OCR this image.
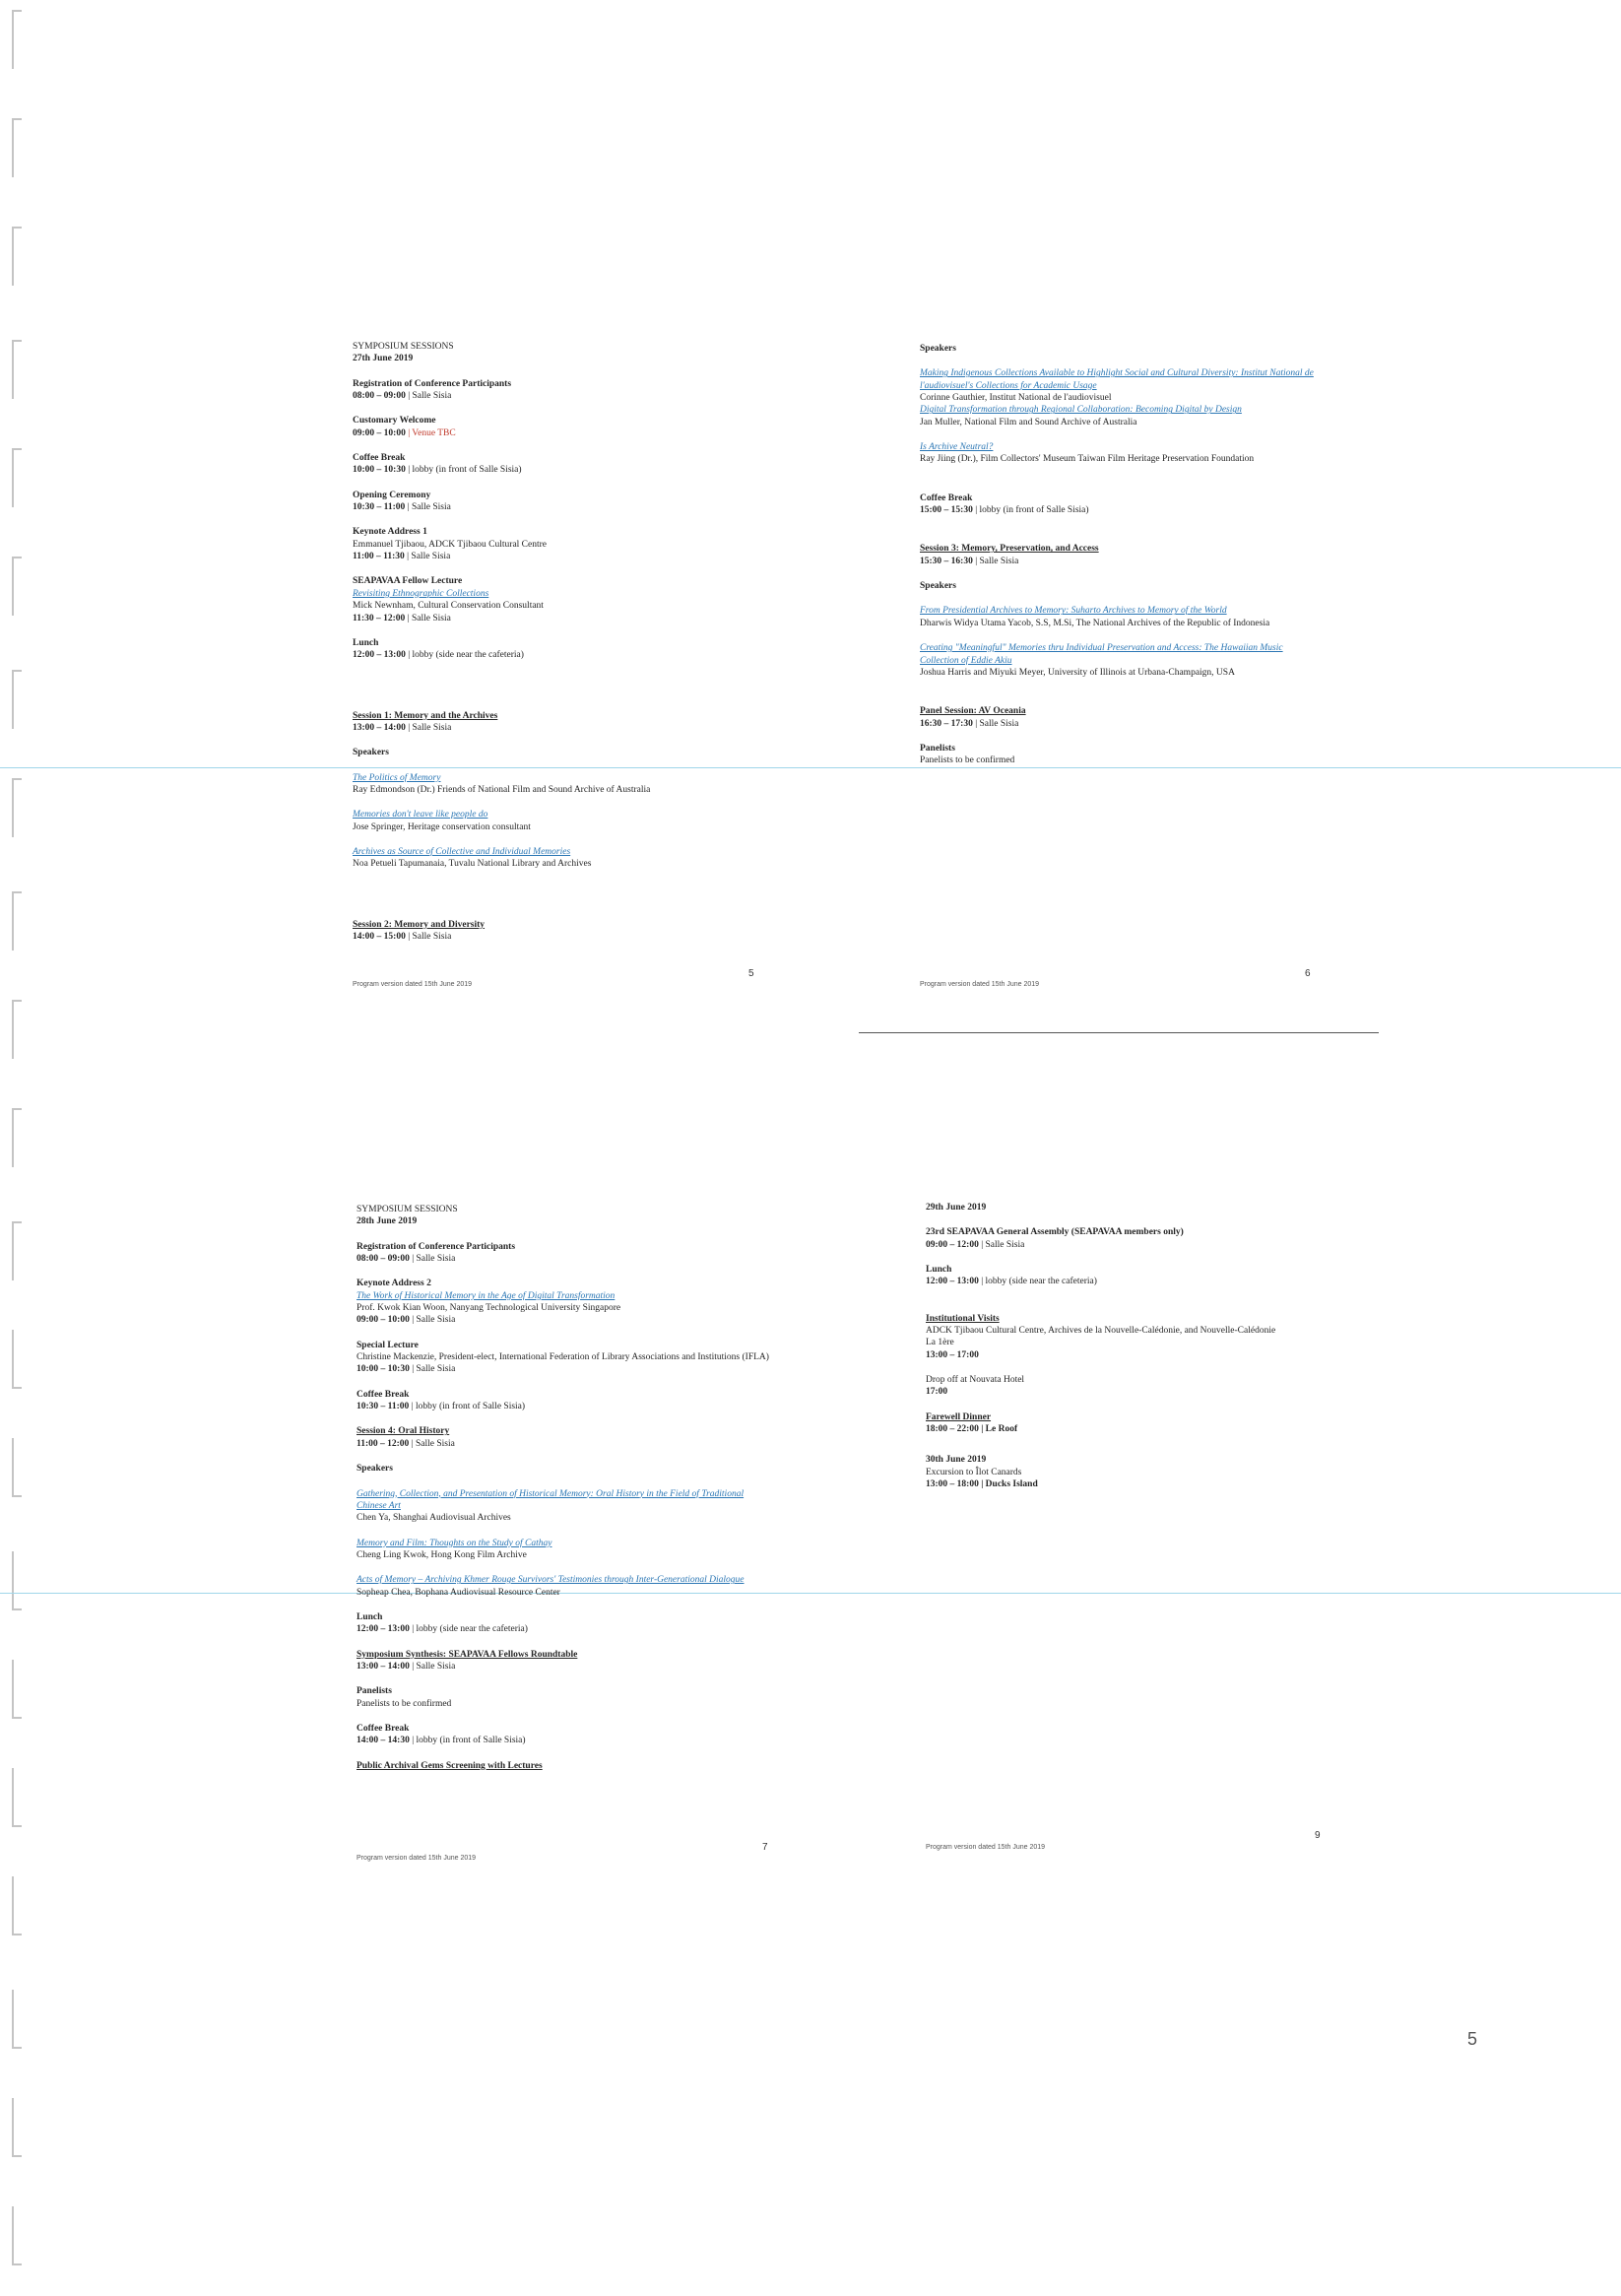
SYMPOSIUM SESSIONS
27th June 2019
Registration of Conference Participants
08:00 – 09:00 | Salle Sisia
Customary Welcome
09:00 – 10:00 | Venue TBC
Coffee Break
10:00 – 10:30 | lobby (in front of Salle Sisia)
Opening Ceremony
10:30 – 11:00 | Salle Sisia
Keynote Address 1
Emmanuel Tjibaou, ADCK Tjibaou Cultural Centre
11:00 – 11:30 | Salle Sisia
SEAPAVAA Fellow Lecture
Revisiting Ethnographic Collections
Mick Newnham, Cultural Conservation Consultant
11:30 – 12:00 | Salle Sisia
Lunch
12:00 – 13:00 | lobby (side near the cafeteria)
Session 1: Memory and the Archives
13:00 – 14:00 | Salle Sisia
Speakers
The Politics of Memory
Ray Edmondson (Dr.) Friends of National Film and Sound Archive of Australia
Memories don't leave like people do
Jose Springer, Heritage conservation consultant
Archives as Source of Collective and Individual Memories
Noa Petueli Tapumanaia, Tuvalu National Library and Archives
Session 2: Memory and Diversity
14:00 – 15:00 | Salle Sisia
Program version dated 15th June 2019
5
Speakers
Making Indigenous Collections Available to Highlight Social and Cultural Diversity: Institut National de l'audiovisuel's Collections for Academic Usage
Corinne Gauthier, Institut National de l'audiovisuel
Digital Transformation through Regional Collaboration: Becoming Digital by Design
Jan Muller, National Film and Sound Archive of Australia
Is Archive Neutral?
Ray Jiing (Dr.), Film Collectors' Museum Taiwan Film Heritage Preservation Foundation
Coffee Break
15:00 – 15:30 | lobby (in front of Salle Sisia)
Session 3: Memory, Preservation, and Access
15:30 – 16:30 | Salle Sisia
Speakers
From Presidential Archives to Memory: Suharto Archives to Memory of the World
Dharwis Widya Utama Yacob, S.S, M.Si, The National Archives of the Republic of Indonesia
Creating "Meaningful" Memories thru Individual Preservation and Access: The Hawaiian Music Collection of Eddie Akiu
Joshua Harris and Miyuki Meyer, University of Illinois at Urbana-Champaign, USA
Panel Session: AV Oceania
16:30 – 17:30 | Salle Sisia
Panelists
Panelists to be confirmed
Program version dated 15th June 2019
6
SYMPOSIUM SESSIONS
28th June 2019
Registration of Conference Participants
08:00 – 09:00 | Salle Sisia
Keynote Address 2
The Work of Historical Memory in the Age of Digital Transformation
Prof. Kwok Kian Woon, Nanyang Technological University Singapore
09:00 – 10:00 | Salle Sisia
Special Lecture
Christine Mackenzie, President-elect, International Federation of Library Associations and Institutions (IFLA)
10:00 – 10:30 | Salle Sisia
Coffee Break
10:30 – 11:00 | lobby (in front of Salle Sisia)
Session 4: Oral History
11:00 – 12:00 | Salle Sisia
Speakers
Gathering, Collection, and Presentation of Historical Memory: Oral History in the Field of Traditional Chinese Art
Chen Ya, Shanghai Audiovisual Archives
Memory and Film: Thoughts on the Study of Cathay
Cheng Ling Kwok, Hong Kong Film Archive
Acts of Memory – Archiving Khmer Rouge Survivors' Testimonies through Inter-Generational Dialogue
Sopheap Chea, Bophana Audiovisual Resource Center
Lunch
12:00 – 13:00 | lobby (side near the cafeteria)
Symposium Synthesis: SEAPAVAA Fellows Roundtable
13:00 – 14:00 | Salle Sisia
Panelists
Panelists to be confirmed
Coffee Break
14:00 – 14:30 | lobby (in front of Salle Sisia)
Public Archival Gems Screening with Lectures
Program version dated 15th June 2019
7
29th June 2019
23rd SEAPAVAA General Assembly (SEAPAVAA members only)
09:00 – 12:00 | Salle Sisia
Lunch
12:00 – 13:00 | lobby (side near the cafeteria)
Institutional Visits
ADCK Tjibaou Cultural Centre, Archives de la Nouvelle-Calédonie, and Nouvelle-Calédonie
La 1ère
13:00 – 17:00
Drop off at Nouvata Hotel
17:00
Farewell Dinner
18:00 – 22:00 | Le Roof
30th June 2019
Excursion to Îlot Canards
13:00 – 18:00 | Ducks Island
Program version dated 15th June 2019
9
5
